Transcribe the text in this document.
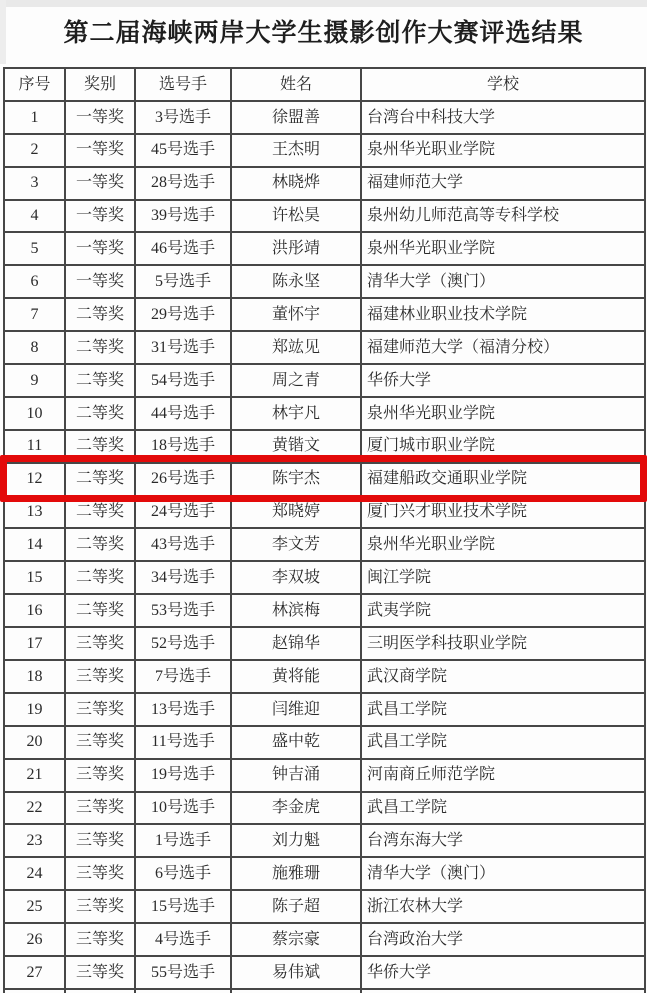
第二届海峡两岸大学生摄影创作大赛评选结果
序号	奖别	选号手	姓名	学校
1	一等奖	3号选手	徐盟善	台湾台中科技大学
2	一等奖	45号选手	王杰明	泉州华光职业学院
3	一等奖	28号选手	林晓烨	福建师范大学
4	一等奖	39号选手	许松昊	泉州幼儿师范高等专科学校
5	一等奖	46号选手	洪彤靖	泉州华光职业学院
6	一等奖	5号选手	陈永坚	清华大学（澳门）
7	二等奖	29号选手	董怀宇	福建林业职业技术学院
8	二等奖	31号选手	郑竑见	福建师范大学（福清分校）
9	二等奖	54号选手	周之青	华侨大学
10	二等奖	44号选手	林宇凡	泉州华光职业学院
11	二等奖	18号选手	黄锴文	厦门城市职业学院
12	二等奖	26号选手	陈宇杰	福建船政交通职业学院
13	二等奖	24号选手	郑晓婷	厦门兴才职业技术学院
14	二等奖	43号选手	李文芳	泉州华光职业学院
15	二等奖	34号选手	李双坡	闽江学院
16	二等奖	53号选手	林滨梅	武夷学院
17	三等奖	52号选手	赵锦华	三明医学科技职业学院
18	三等奖	7号选手	黄将能	武汉商学院
19	三等奖	13号选手	闫维迎	武昌工学院
20	三等奖	11号选手	盛中乾	武昌工学院
21	三等奖	19号选手	钟吉涌	河南商丘师范学院
22	三等奖	10号选手	李金虎	武昌工学院
23	三等奖	1号选手	刘力魁	台湾东海大学
24	三等奖	6号选手	施雅珊	清华大学（澳门）
25	三等奖	15号选手	陈子超	浙江农林大学
26	三等奖	4号选手	蔡宗豪	台湾政治大学
27	三等奖	55号选手	易伟斌	华侨大学
